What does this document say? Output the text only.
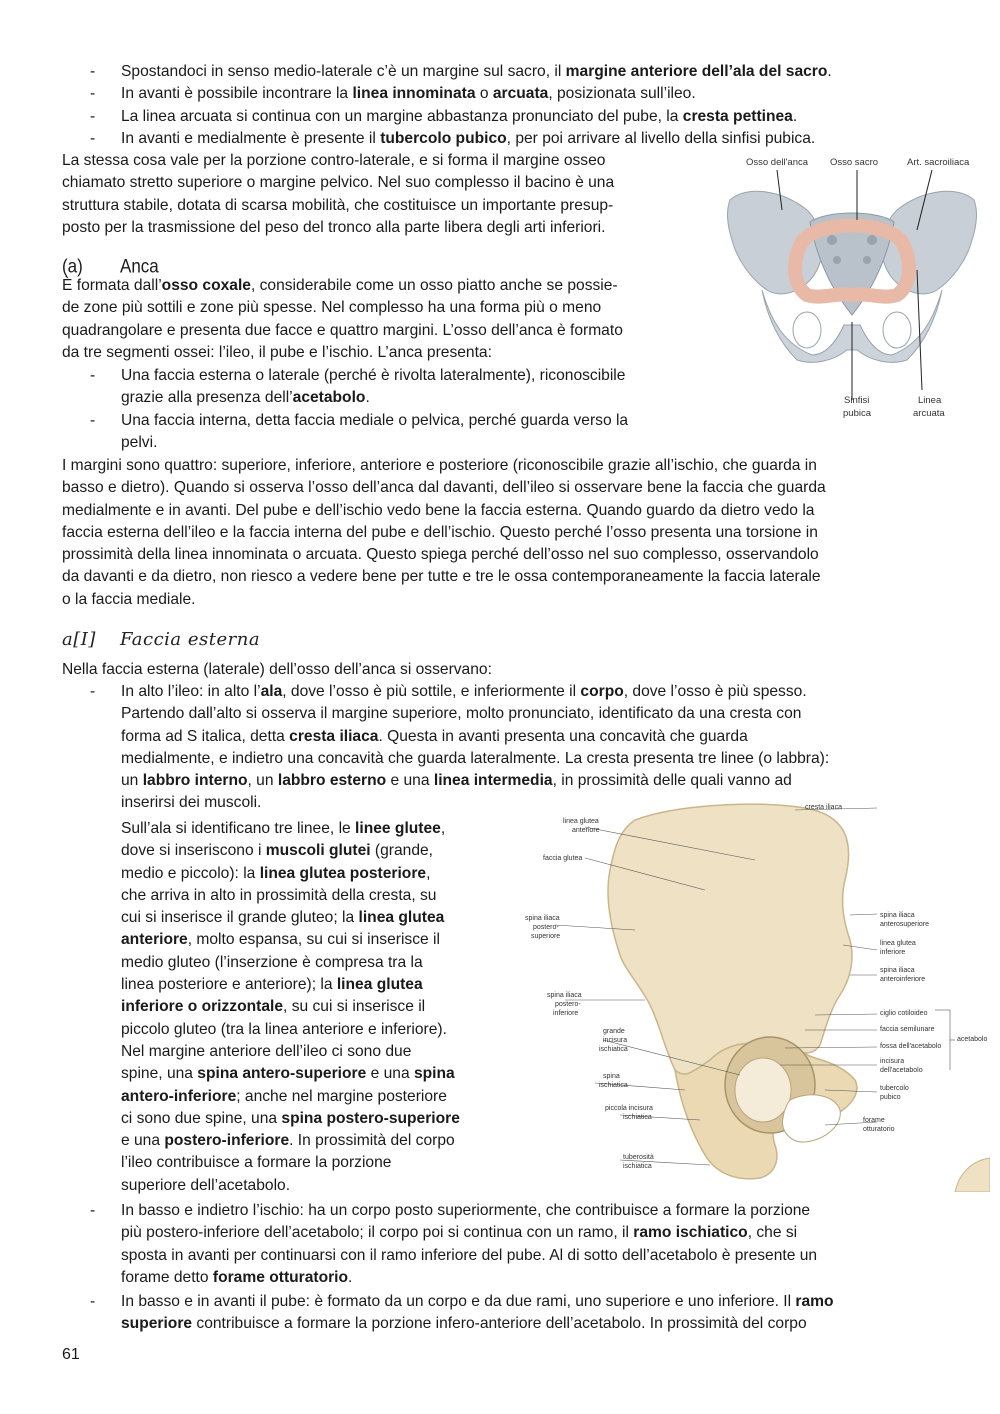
-	Spostandoci in senso medio-laterale c’è un margine sul sacro, il margine anteriore dell’ala del sacro.
-	In avanti è possibile incontrare la linea innominata o arcuata, posizionata sull’ileo.
-	La linea arcuata si continua con un margine abbastanza pronunciato del pube, la cresta pettinea.
-	In avanti e medialmente è presente il tubercolo pubico, per poi arrivare al livello della sinfisi pubica.
La stessa cosa vale per la porzione contro-laterale, e si forma il margine osseo
chiamato stretto superiore o margine pelvico. Nel suo complesso il bacino è una
struttura stabile, dotata di scarsa mobilità, che costituisce un importante presup-
posto per la trasmissione del peso del tronco alla parte libera degli arti inferiori.
(a) Anca
È formata dall’osso coxale, considerabile come un osso piatto anche se possie-
de zone più sottili e zone più spesse. Nel complesso ha una forma più o meno
quadrangolare e presenta due facce e quattro margini. L’osso dell’anca è formato
da tre segmenti ossei: l’ileo, il pube e l’ischio. L’anca presenta:
-	Una faccia esterna o laterale (perché è rivolta lateralmente), riconoscibile
grazie alla presenza dell’acetabolo.
-	Una faccia interna, detta faccia mediale o pelvica, perché guarda verso la
pelvi.
Osso dell'anca Osso sacro	Art. sacroiliaca
Sinfisi
pubica
Linea
arcuata
I margini sono quattro: superiore, inferiore, anteriore e posteriore (riconoscibile grazie all’ischio, che guarda in
basso e dietro). Quando si osserva l’osso dell’anca dal davanti, dell’ileo si osservare bene la faccia che guarda
medialmente e in avanti. Del pube e dell’ischio vedo bene la faccia esterna. Quando guardo da dietro vedo la
faccia esterna dell’ileo e la faccia interna del pube e dell’ischio. Questo perché l’osso presenta una torsione in
prossimità della linea innominata o arcuata. Questo spiega perché dell’osso nel suo complesso, osservandolo
da davanti e da dietro, non riesco a vedere bene per tutte e tre le ossa contemporaneamente la faccia laterale
o la faccia mediale.
a[I] Faccia esterna
Nella faccia esterna (laterale) dell’osso dell’anca si osservano:
-	In alto l’ileo: in alto l’ala, dove l’osso è più sottile, e inferiormente il corpo, dove l’osso è più spesso.
Partendo dall’alto si osserva il margine superiore, molto pronunciato, identificato da una cresta con
forma ad S italica, detta cresta iliaca. Questa in avanti presenta una concavità che guarda
medialmente, e indietro una concavità che guarda lateralmente. La cresta presenta tre linee (o labbra):
un labbro interno, un labbro esterno e una linea intermedia, in prossimità delle quali vanno ad
inserirsi dei muscoli.
Sull’ala si identificano tre linee, le linee glutee,
dove si inseriscono i muscoli glutei (grande,
medio e piccolo): la linea glutea posteriore,
che arriva in alto in prossimità della cresta, su
cui si inserisce il grande gluteo; la linea glutea
anteriore, molto espansa, su cui si inserisce il
medio gluteo (l’inserzione è compresa tra la
linea posteriore e anteriore); la linea glutea
inferiore o orizzontale, su cui si inserisce il
piccolo gluteo (tra la linea anteriore e inferiore).
Nel margine anteriore dell’ileo ci sono due
spine, una spina antero-superiore e una spina
antero-inferiore; anche nel margine posteriore
ci sono due spine, una spina postero-superiore
e una postero-inferiore. In prossimità del corpo
l’ileo contribuisce a formare la porzione
superiore dell’acetabolo.
cresta iliaca
linea glutea
anteriore
faccia glutea
spina iliaca
postero-
superiore
spina iliaca
anterosuperiore
linea glutea
inferiore
spina iliaca
anteroinferiore
spina iliaca
postero-
inferiore	ciglio cotiloideo
faccia semilunare
grande
incisura
ischiatica	fossa dell'acetabolo
acetabolo
incisura
dell'acetabolo
spina
ischiatica	tubercolo
pubico
piccola incisura
ischiatica	forame
otturatorio
tuberosità
ischiatica
-	In basso e indietro l’ischio: ha un corpo posto superiormente, che contribuisce a formare la porzione
più postero-inferiore dell’acetabolo; il corpo poi si continua con un ramo, il ramo ischiatico, che si
sposta in avanti per continuarsi con il ramo inferiore del pube. Al di sotto dell’acetabolo è presente un
forame detto forame otturatorio.
-	In basso e in avanti il pube: è formato da un corpo e da due rami, uno superiore e uno inferiore. Il ramo
superiore contribuisce a formare la porzione infero-anteriore dell’acetabolo. In prossimità del corpo
61
